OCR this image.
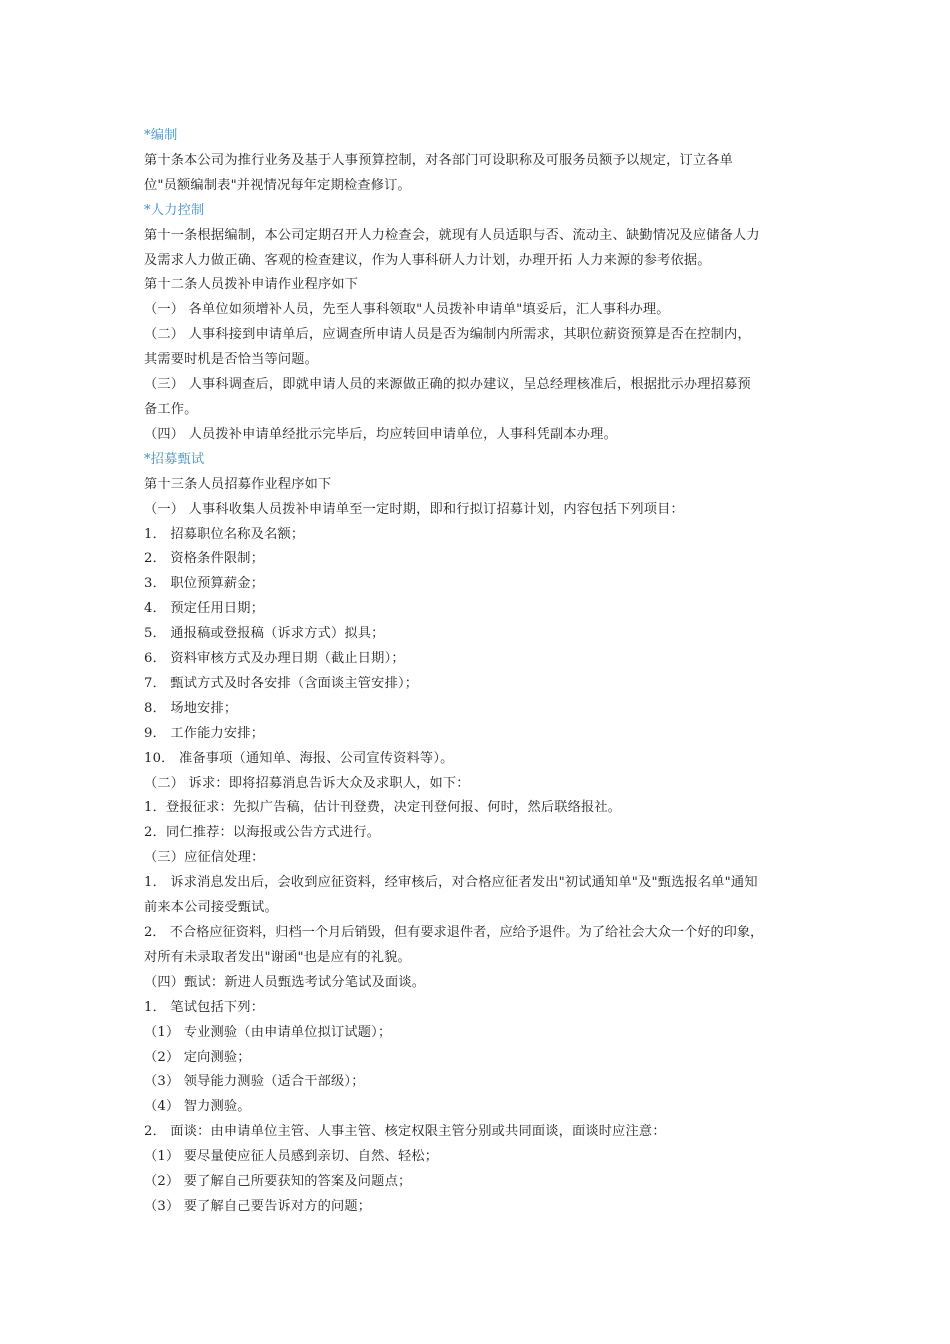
*编制
第十条本公司为推行业务及基于人事预算控制，对各部门可设职称及可服务员额予以规定，订立各单
位"员额编制表"并视情况每年定期检查修订。
*人力控制
第十一条根据编制，本公司定期召开人力检查会，就现有人员适职与否、流动主、缺勤情况及应储备人力
及需求人力做正确、客观的检查建议，作为人事科研人力计划，办理开拓 人力来源的参考依据。
第十二条人员拨补申请作业程序如下
（一） 各单位如须增补人员，先至人事科领取"人员拨补申请单"填妥后，汇人事科办理。
（二） 人事科接到申请单后，应调查所申请人员是否为编制内所需求，其职位薪资预算是否在控制内，
其需要时机是否恰当等问题。
（三） 人事科调查后，即就申请人员的来源做正确的拟办建议，呈总经理核准后，根据批示办理招募预
备工作。
（四） 人员拨补申请单经批示完毕后，均应转回申请单位，人事科凭副本办理。
*招募甄试
第十三条人员招募作业程序如下
（一） 人事科收集人员拨补申请单至一定时期，即和行拟订招募计划，内容包括下列项目：
1． 招募职位名称及名额；
2． 资格条件限制；
3． 职位预算薪金；
4． 预定任用日期；
5． 通报稿或登报稿（诉求方式）拟具；
6． 资料审核方式及办理日期（截止日期）；
7． 甄试方式及时各安排（含面谈主管安排）；
8． 场地安排；
9． 工作能力安排；
10． 准备事项（通知单、海报、公司宣传资料等）。
（二） 诉求：即将招募消息告诉大众及求职人，如下：
1．登报征求：先拟广告稿，估计刊登费，决定刊登何报、何时，然后联络报社。
2．同仁推荐：以海报或公告方式进行。
（三）应征信处理：
1． 诉求消息发出后，会收到应征资料，经审核后，对合格应征者发出"初试通知单"及"甄选报名单"通知
前来本公司接受甄试。
2． 不合格应征资料，归档一个月后销毁，但有要求退件者，应给予退件。为了给社会大众一个好的印象，
对所有未录取者发出"谢函"也是应有的礼貌。
（四）甄试：新进人员甄选考试分笔试及面谈。
1． 笔试包括下列：
（1） 专业测验（由申请单位拟订试题）；
（2） 定向测验；
（3） 领导能力测验（适合干部级）；
（4） 智力测验。
2． 面谈：由申请单位主管、人事主管、核定权限主管分别或共同面谈，面谈时应注意：
（1） 要尽量使应征人员感到亲切、自然、轻松；
（2） 要了解自己所要获知的答案及问题点；
（3） 要了解自己要告诉对方的问题；
